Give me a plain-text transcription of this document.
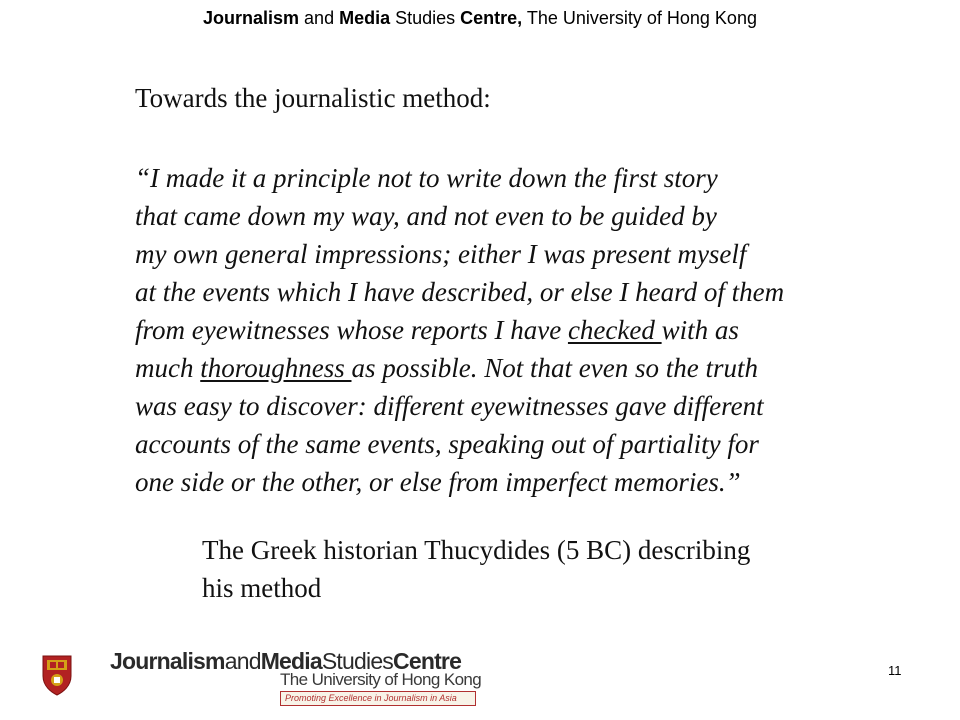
Journalism and Media Studies Centre, The University of Hong Kong
Towards the journalistic method:
“I made it a principle not to write down the first story
that came down my way, and not even to be guided by
my own general impressions; either I was present myself
at the events which I have described, or else I heard of them
from eyewitnesses whose reports I have checked with as
much thoroughness as possible. Not that even so the truth
was easy to discover: different eyewitnesses gave different
accounts of the same events, speaking out of partiality for
one side or the other, or else from imperfect memories.”
The Greek historian Thucydides (5 BC) describing
his method
JournalismandMediaStudiesCentre
The University of Hong Kong
Promoting Excellence in Journalism in Asia
11
